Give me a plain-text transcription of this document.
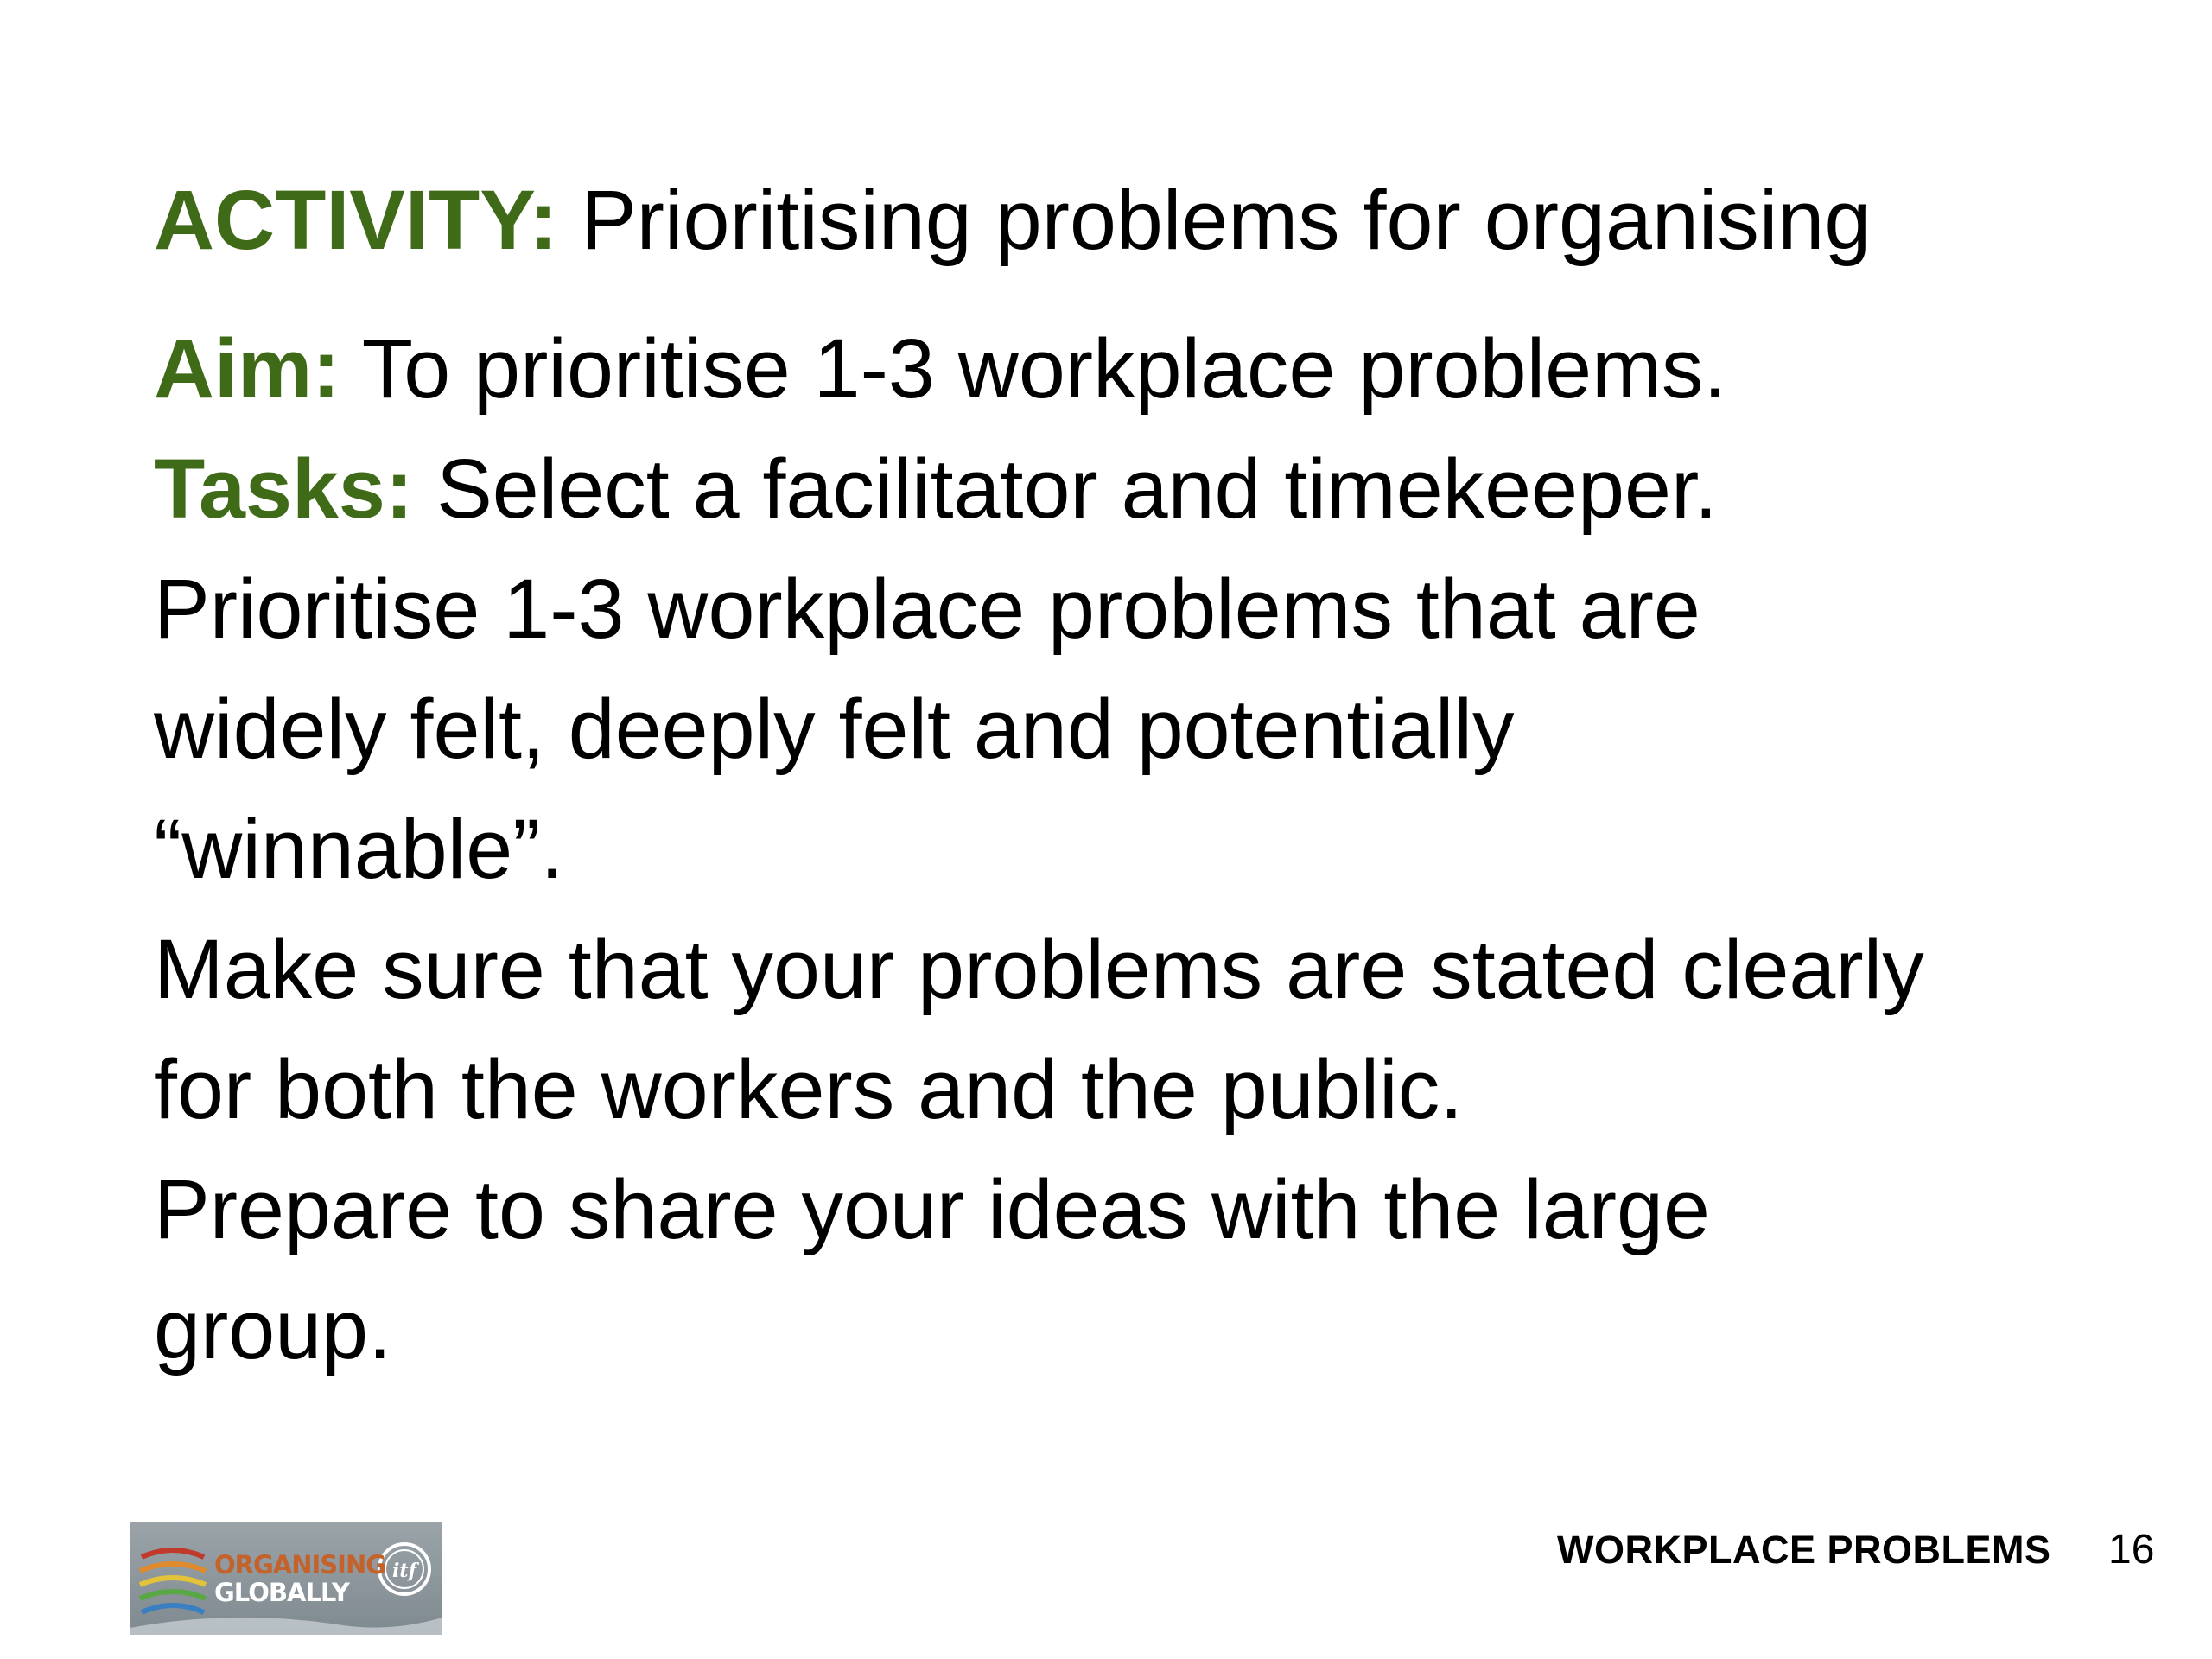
ACTIVITY: Prioritising problems for organising

Aim: To prioritise 1-3 workplace problems.

Tasks: Select a facilitator and timekeeper.

Prioritise 1-3 workplace problems that are

widely felt, deeply felt and potentially

“winnable”.

Make sure that your problems are stated clearly

for both the workers and the public.

Prepare to share your ideas with the large

group.

itf
ORGANISING
GLOBALLY
WORKPLACE PROBLEMS 16
